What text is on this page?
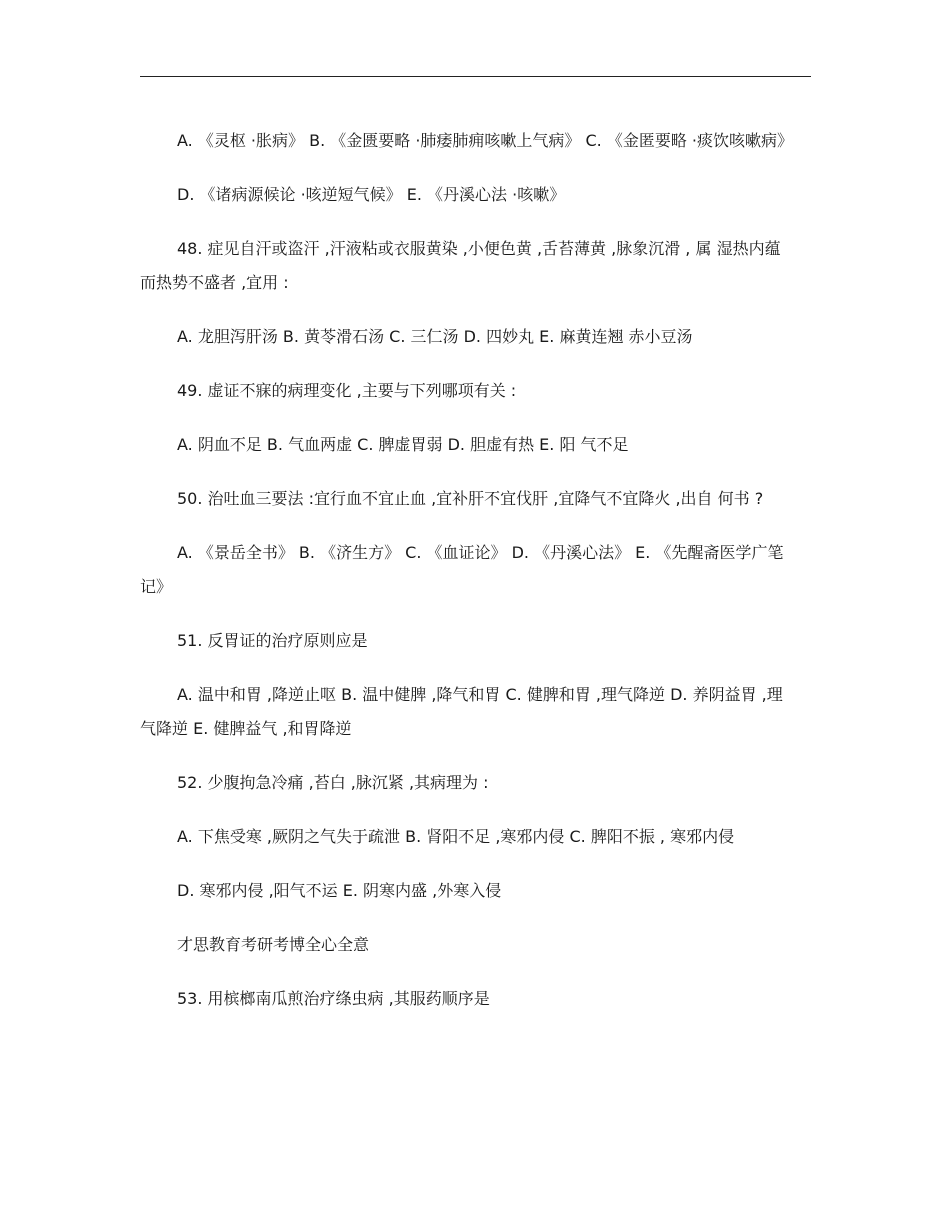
A. 《灵枢 ·胀病》 B. 《金匮要略 ·肺痿肺痈咳嗽上气病》 C. 《金匿要略 ·痰饮咳嗽病》

D. 《诸病源候论 ·咳逆短气候》 E. 《丹溪心法 ·咳嗽》

48. 症见自汗或盗汗 ,汗液粘或衣服黄染 ,小便色黄 ,舌苔薄黄 ,脉象沉滑 , 属 湿热内蕴而热势不盛者 ,宜用 :

A. 龙胆泻肝汤 B. 黄苓滑石汤 C. 三仁汤 D. 四妙丸 E. 麻黄连翘 赤小豆汤

49. 虚证不寐的病理变化 ,主要与下列哪项有关 :

A. 阴血不足 B. 气血两虚 C. 脾虚胃弱 D. 胆虚有热 E. 阳 气不足

50. 治吐血三要法 :宜行血不宜止血 ,宜补肝不宜伐肝 ,宜降气不宜降火 ,出自 何书 ?

A. 《景岳全书》 B. 《济生方》 C. 《血证论》 D. 《丹溪心法》 E. 《先醒斋医学广笔记》

51. 反胃证的治疗原则应是

A. 温中和胃 ,降逆止呕 B. 温中健脾 ,降气和胃 C. 健脾和胃 ,理气降逆 D. 养阴益胃 ,理气降逆 E. 健脾益气 ,和胃降逆

52. 少腹拘急冷痛 ,苔白 ,脉沉紧 ,其病理为 :

A. 下焦受寒 ,厥阴之气失于疏泄 B. 肾阳不足 ,寒邪内侵 C. 脾阳不振 , 寒邪内侵

D. 寒邪内侵 ,阳气不运 E. 阴寒内盛 ,外寒入侵

才思教育考研考博全心全意

53. 用槟榔南瓜煎治疗绦虫病 ,其服药顺序是
